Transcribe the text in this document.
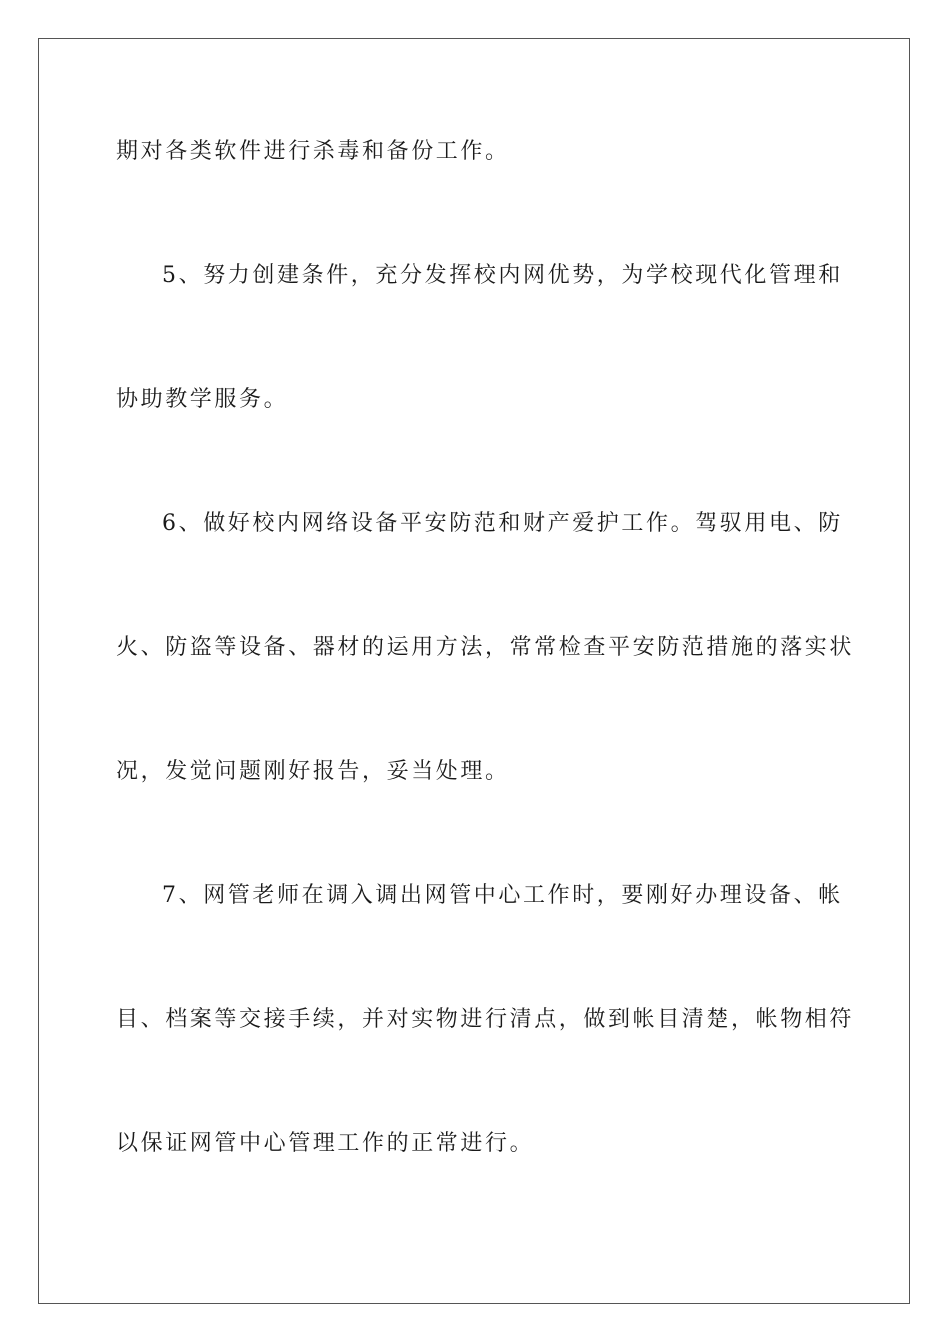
期对各类软件进行杀毒和备份工作。
5、努力创建条件，充分发挥校内网优势，为学校现代化管理和
协助教学服务。
6、做好校内网络设备平安防范和财产爱护工作。驾驭用电、防
火、防盗等设备、器材的运用方法，常常检查平安防范措施的落实状
况，发觉问题刚好报告，妥当处理。
7、网管老师在调入调出网管中心工作时，要刚好办理设备、帐
目、档案等交接手续，并对实物进行清点，做到帐目清楚，帐物相符
以保证网管中心管理工作的正常进行。
